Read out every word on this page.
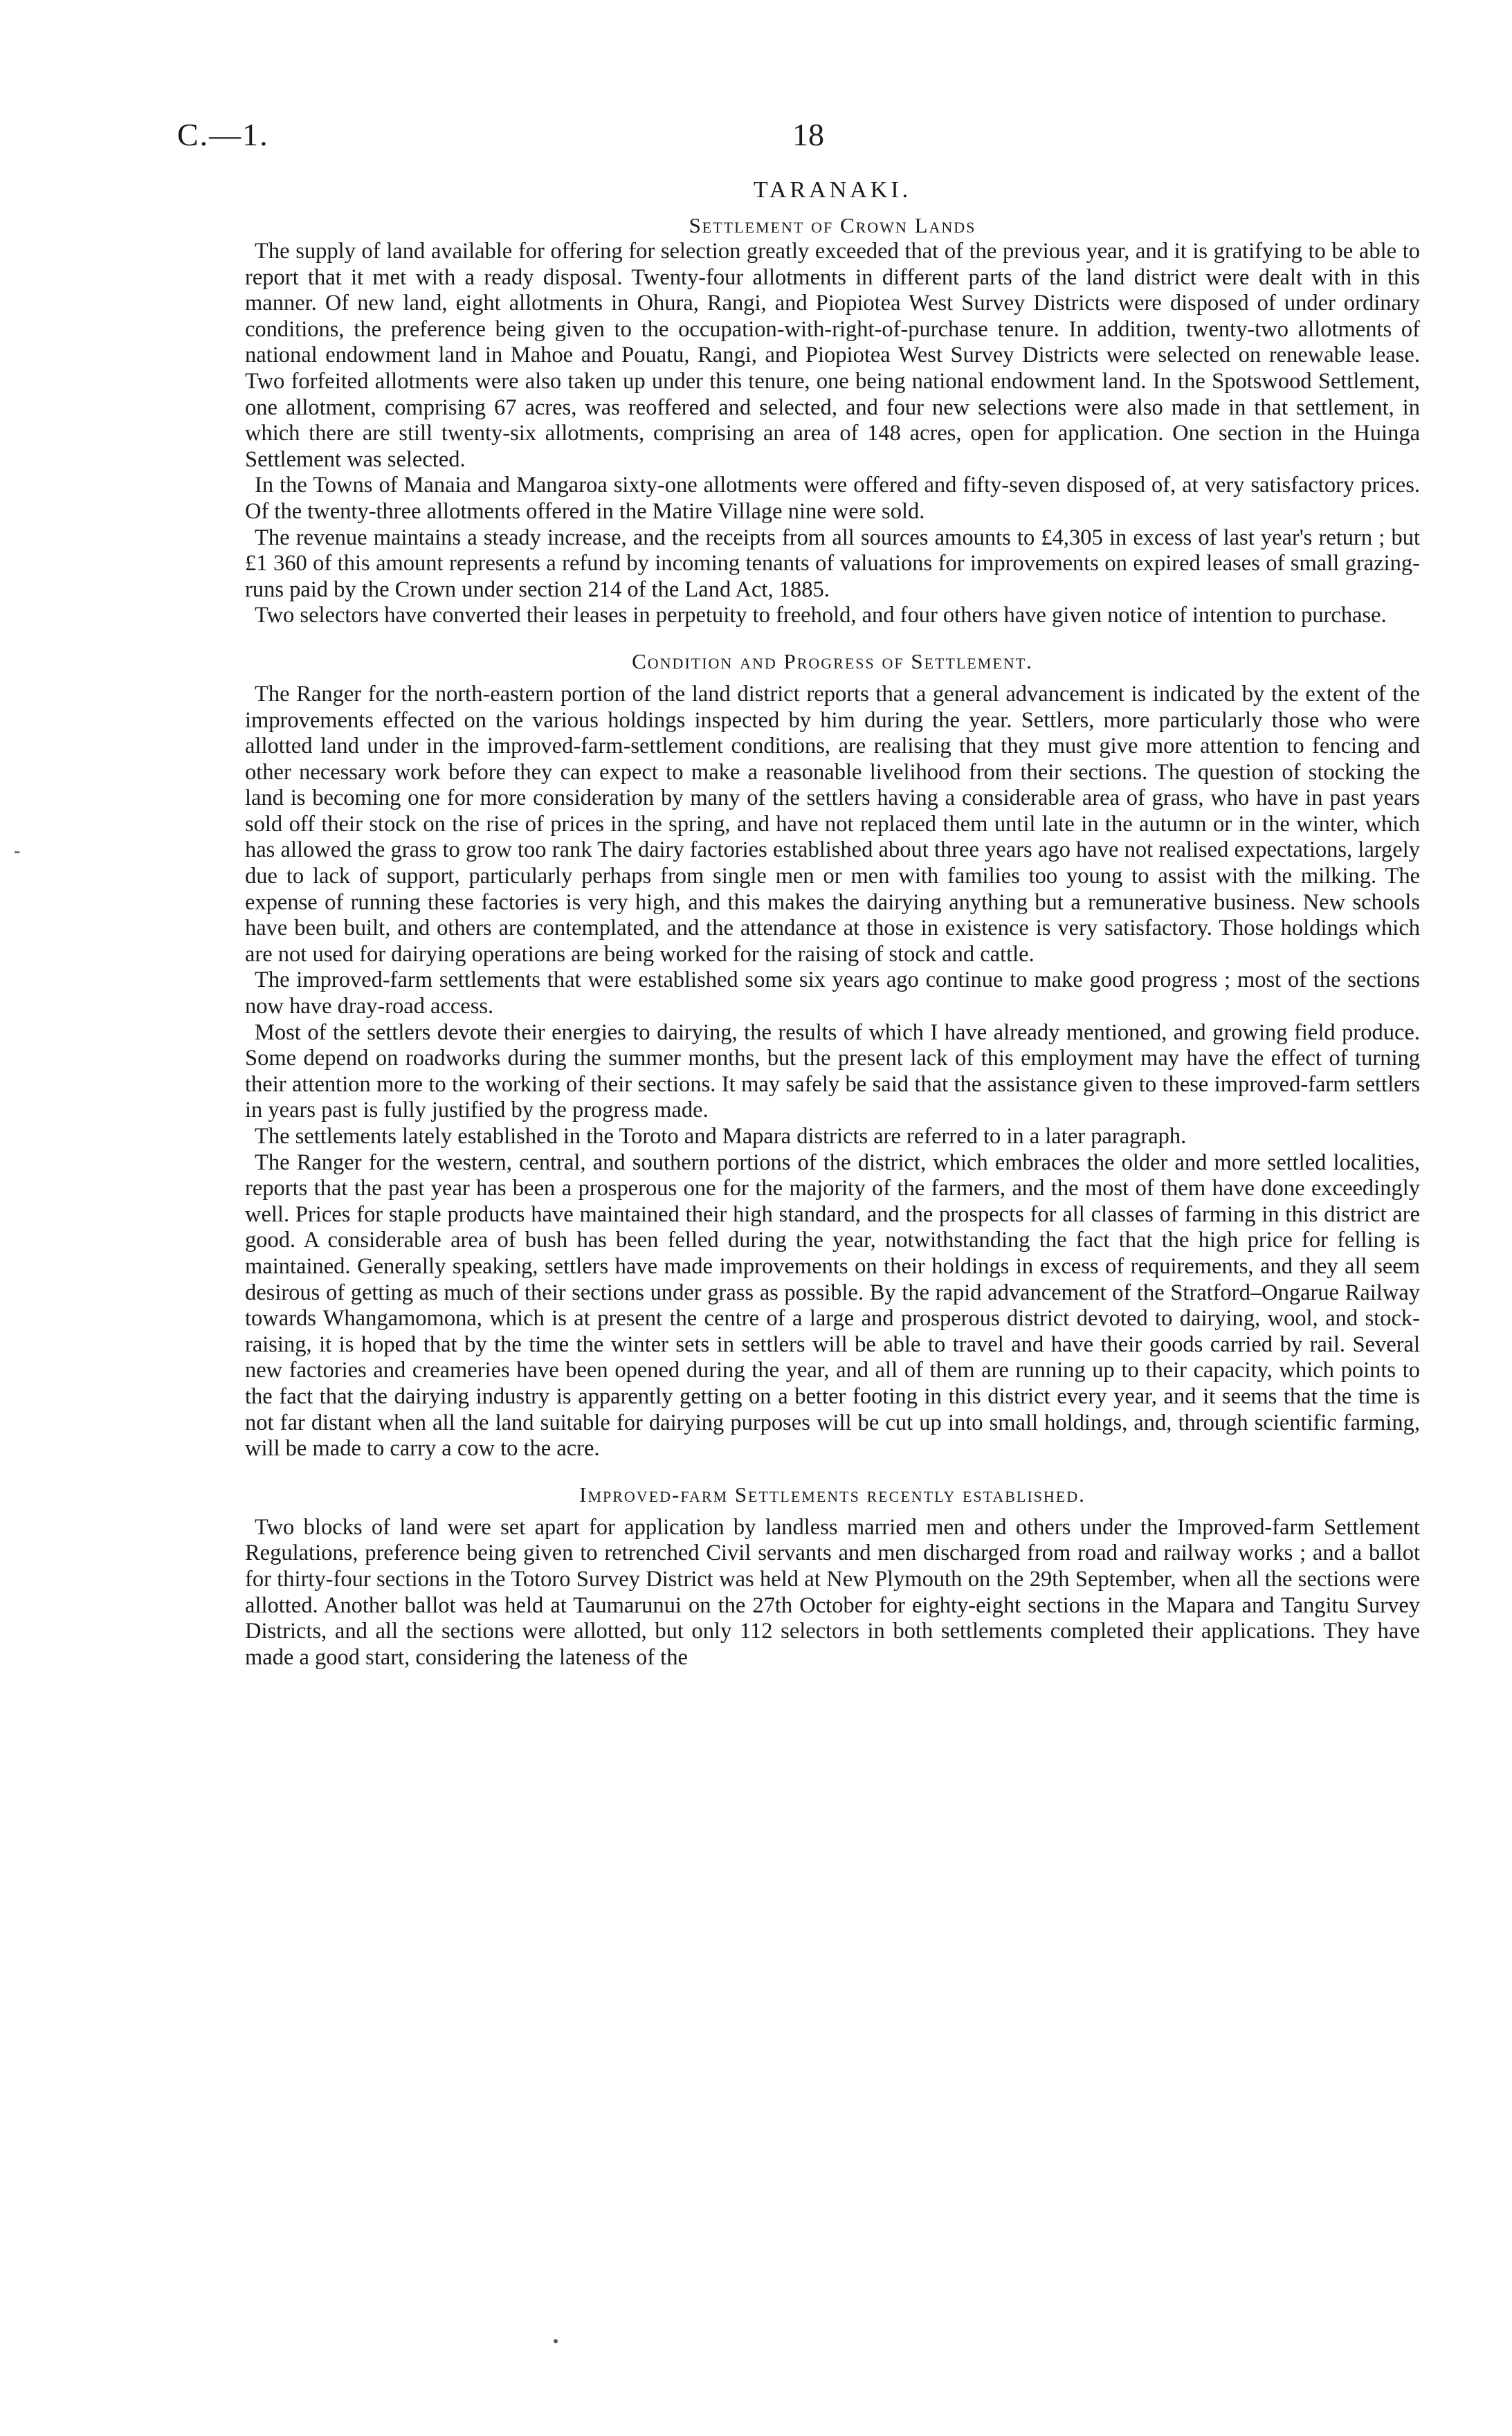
C.—1.	18
-
TARANAKI.
Settlement of Crown Lands

The supply of land available for offering for selection greatly exceeded that of the previous year, and it is gratifying to be able to report that it met with a ready disposal. Twenty-four allotments in different parts of the land district were dealt with in this manner. Of new land, eight allotments in Ohura, Rangi, and Piopiotea West Survey Districts were disposed of under ordinary conditions, the preference being given to the occupation-with-right-of-purchase tenure. In addition, twenty-two allotments of national endowment land in Mahoe and Pouatu, Rangi, and Piopiotea West Survey Districts were selected on renewable lease. Two forfeited allotments were also taken up under this tenure, one being national endowment land. In the Spotswood Settlement, one allotment, comprising 67 acres, was reoffered and selected, and four new selections were also made in that settlement, in which there are still twenty-six allotments, comprising an area of 148 acres, open for application. One section in the Huinga Settlement was selected.

In the Towns of Manaia and Mangaroa sixty-one allotments were offered and fifty-seven disposed of, at very satisfactory prices. Of the twenty-three allotments offered in the Matire Village nine were sold.

The revenue maintains a steady increase, and the receipts from all sources amounts to £4,305 in excess of last year's return ; but £1 360 of this amount represents a refund by incoming tenants of valuations for improvements on expired leases of small grazing-runs paid by the Crown under section 214 of the Land Act, 1885.

Two selectors have converted their leases in perpetuity to freehold, and four others have given notice of intention to purchase.

Condition and Progress of Settlement.

The Ranger for the north-eastern portion of the land district reports that a general advancement is indicated by the extent of the improvements effected on the various holdings inspected by him during the year. Settlers, more particularly those who were allotted land under in the improved-farm-settlement conditions, are realising that they must give more attention to fencing and other necessary work before they can expect to make a reasonable livelihood from their sections. The question of stocking the land is becoming one for more consideration by many of the settlers having a considerable area of grass, who have in past years sold off their stock on the rise of prices in the spring, and have not replaced them until late in the autumn or in the winter, which has allowed the grass to grow too rank The dairy factories established about three years ago have not realised expectations, largely due to lack of support, particularly perhaps from single men or men with families too young to assist with the milking. The expense of running these factories is very high, and this makes the dairying anything but a remunerative business. New schools have been built, and others are contemplated, and the attendance at those in existence is very satisfactory. Those holdings which are not used for dairying operations are being worked for the raising of stock and cattle.

The improved-farm settlements that were established some six years ago continue to make good progress ; most of the sections now have dray-road access.

Most of the settlers devote their energies to dairying, the results of which I have already mentioned, and growing field produce. Some depend on roadworks during the summer months, but the present lack of this employment may have the effect of turning their attention more to the working of their sections. It may safely be said that the assistance given to these improved-farm settlers in years past is fully justified by the progress made.

The settlements lately established in the Toroto and Mapara districts are referred to in a later paragraph.

The Ranger for the western, central, and southern portions of the district, which embraces the older and more settled localities, reports that the past year has been a prosperous one for the majority of the farmers, and the most of them have done exceedingly well. Prices for staple products have maintained their high standard, and the prospects for all classes of farming in this district are good. A considerable area of bush has been felled during the year, notwithstanding the fact that the high price for felling is maintained. Generally speaking, settlers have made improvements on their holdings in excess of requirements, and they all seem desirous of getting as much of their sections under grass as possible. By the rapid advancement of the Stratford–Ongarue Railway towards Whangamomona, which is at present the centre of a large and prosperous district devoted to dairying, wool, and stock-raising, it is hoped that by the time the winter sets in settlers will be able to travel and have their goods carried by rail. Several new factories and creameries have been opened during the year, and all of them are running up to their capacity, which points to the fact that the dairying industry is apparently getting on a better footing in this district every year, and it seems that the time is not far distant when all the land suitable for dairying purposes will be cut up into small holdings, and, through scientific farming, will be made to carry a cow to the acre.

Improved-farm Settlements recently established.

Two blocks of land were set apart for application by landless married men and others under the Improved-farm Settlement Regulations, preference being given to retrenched Civil servants and men discharged from road and railway works ; and a ballot for thirty-four sections in the Totoro Survey District was held at New Plymouth on the 29th September, when all the sections were allotted. Another ballot was held at Taumarunui on the 27th October for eighty-eight sections in the Mapara and Tangitu Survey Districts, and all the sections were allotted, but only 112 selectors in both settlements completed their applications. They have made a good start, considering the lateness of the
